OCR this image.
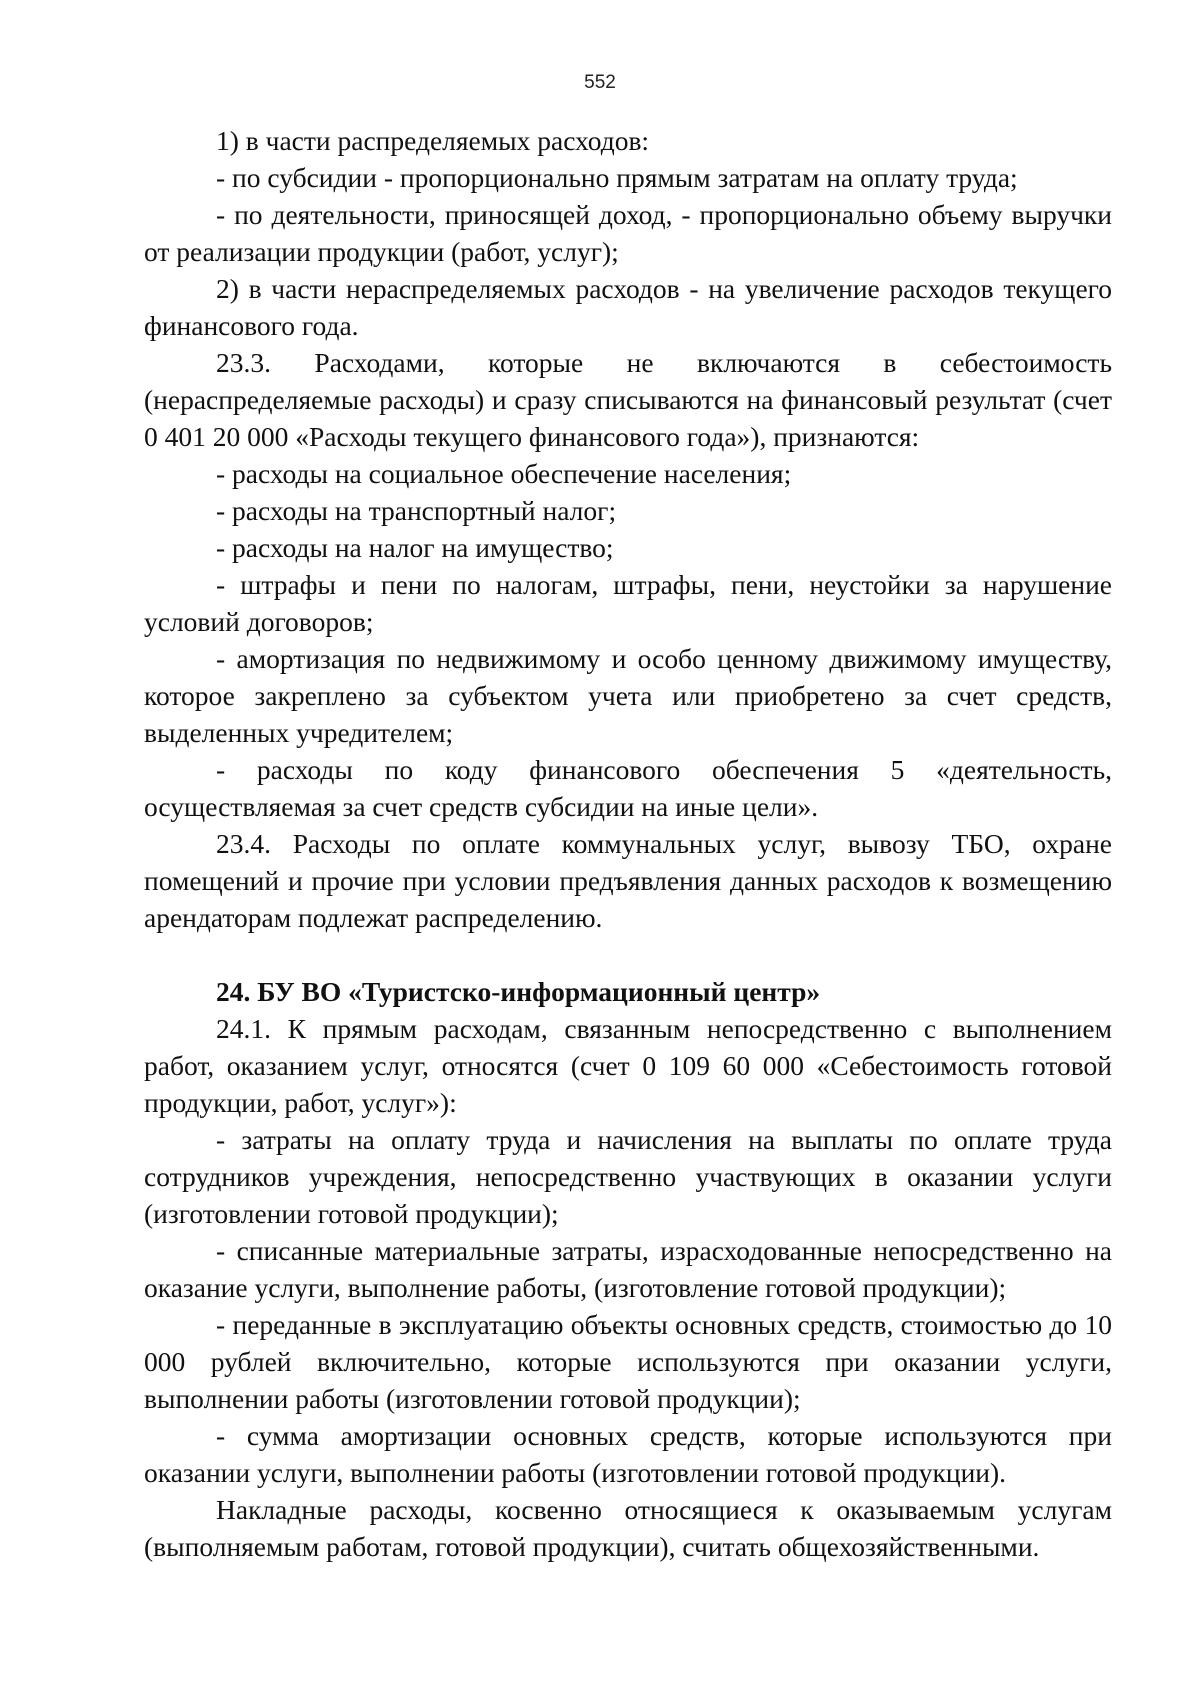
552

1) в части распределяемых расходов:

- по субсидии - пропорционально прямым затратам на оплату труда;

- по деятельности, приносящей доход, - пропорционально объему выручки от реализации продукции (работ, услуг);

2) в части нераспределяемых расходов - на увеличение расходов текущего финансового года.

23.3. Расходами, которые не включаются в себестоимость (нераспределяемые расходы) и сразу списываются на финансовый результат (счет 0 401 20 000 «Расходы текущего финансового года»), признаются:

- расходы на социальное обеспечение населения;

- расходы на транспортный налог;

- расходы на налог на имущество;

- штрафы и пени по налогам, штрафы, пени, неустойки за нарушение условий договоров;

- амортизация по недвижимому и особо ценному движимому имуществу, которое закреплено за субъектом учета или приобретено за счет средств, выделенных учредителем;

- расходы по коду финансового обеспечения 5 «деятельность, осуществляемая за счет средств субсидии на иные цели».

23.4. Расходы по оплате коммунальных услуг, вывозу ТБО, охране помещений и прочие при условии предъявления данных расходов к возмещению арендаторам подлежат распределению.

24. БУ ВО «Туристско-информационный центр»

24.1. К прямым расходам, связанным непосредственно с выполнением работ, оказанием услуг, относятся (счет 0 109 60 000 «Себестоимость готовой продукции, работ, услуг»):

- затраты на оплату труда и начисления на выплаты по оплате труда сотрудников учреждения, непосредственно участвующих в оказании услуги (изготовлении готовой продукции);

- списанные материальные затраты, израсходованные непосредственно на оказание услуги, выполнение работы, (изготовление готовой продукции);

- переданные в эксплуатацию объекты основных средств, стоимостью до 10 000 рублей включительно, которые используются при оказании услуги, выполнении работы (изготовлении готовой продукции);

- сумма амортизации основных средств, которые используются при оказании услуги, выполнении работы (изготовлении готовой продукции).

Накладные расходы, косвенно относящиеся к оказываемым услугам (выполняемым работам, готовой продукции), считать общехозяйственными.
